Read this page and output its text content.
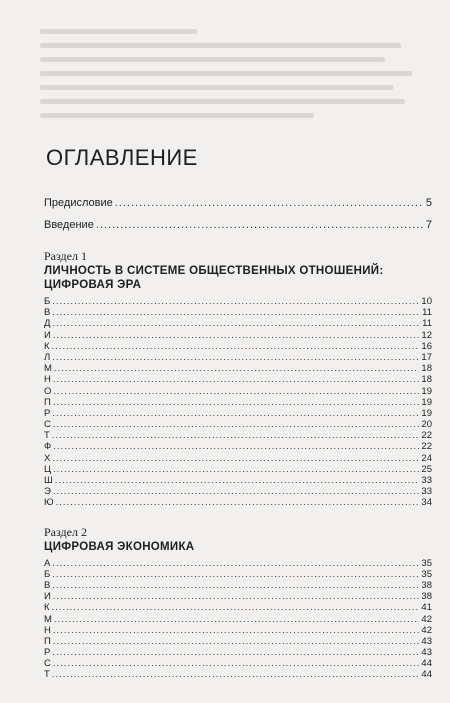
ОГЛАВЛЕНИЕ
Предисловие .....	5
Введение .....	7
Раздел 1
ЛИЧНОСТЬ В СИСТЕМЕ ОБЩЕСТВЕННЫХ ОТНОШЕНИЙ:
ЦИФРОВАЯ ЭРА
Б .....	10
В .....	11
Д .....	11
И .....	12
К .....	16
Л .....	17
М .....	18
Н .....	18
О .....	19
П .....	19
Р .....	19
С .....	20
Т .....	22
Ф .....	22
Х .....	24
Ц .....	25
Ш .....	33
Э .....	33
Ю .....	34
Раздел 2
ЦИФРОВАЯ ЭКОНОМИКА
А .....	35
Б .....	35
В .....	38
И .....	38
К .....	41
М .....	42
Н .....	42
П .....	43
Р .....	43
С .....	44
Т .....	44
